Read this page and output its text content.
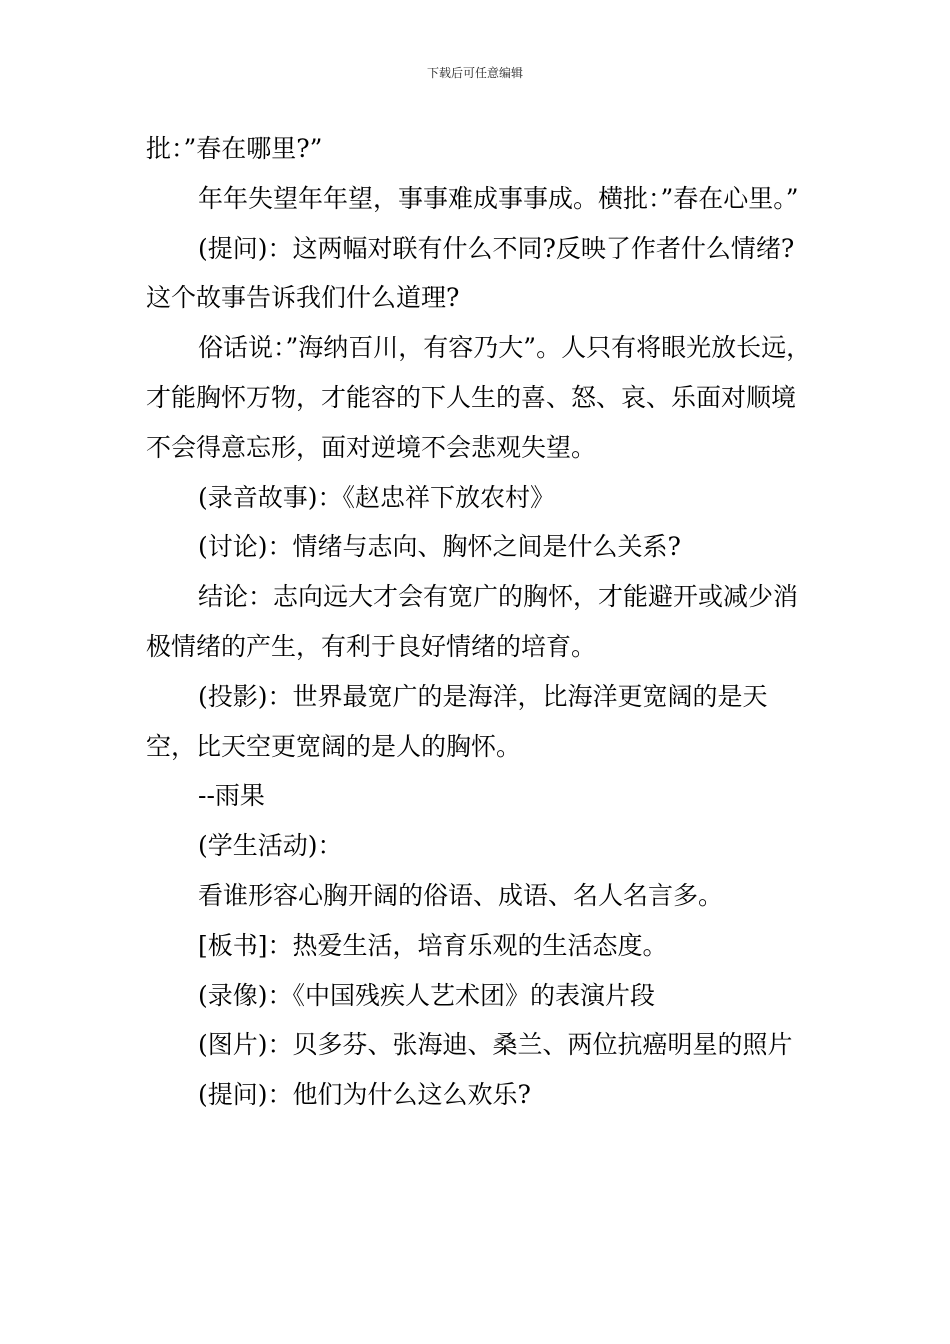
下载后可任意编辑

批：”春在哪里?”

年年失望年年望，事事难成事事成。横批：”春在心里。”

(提问)：这两幅对联有什么不同?反映了作者什么情绪?这个故事告诉我们什么道理?

俗话说：”海纳百川，有容乃大”。人只有将眼光放长远，才能胸怀万物，才能容的下人生的喜、怒、哀、乐面对顺境不会得意忘形，面对逆境不会悲观失望。

(录音故事)：《赵忠祥下放农村》

(讨论)：情绪与志向、胸怀之间是什么关系?

结论：志向远大才会有宽广的胸怀，才能避开或减少消极情绪的产生，有利于良好情绪的培育。

(投影)：世界最宽广的是海洋，比海洋更宽阔的是天空，比天空更宽阔的是人的胸怀。

--雨果

(学生活动)：

看谁形容心胸开阔的俗语、成语、名人名言多。

[板书]：热爱生活，培育乐观的生活态度。

(录像)：《中国残疾人艺术团》的表演片段

(图片)：贝多芬、张海迪、桑兰、两位抗癌明星的照片

(提问)：他们为什么这么欢乐?
